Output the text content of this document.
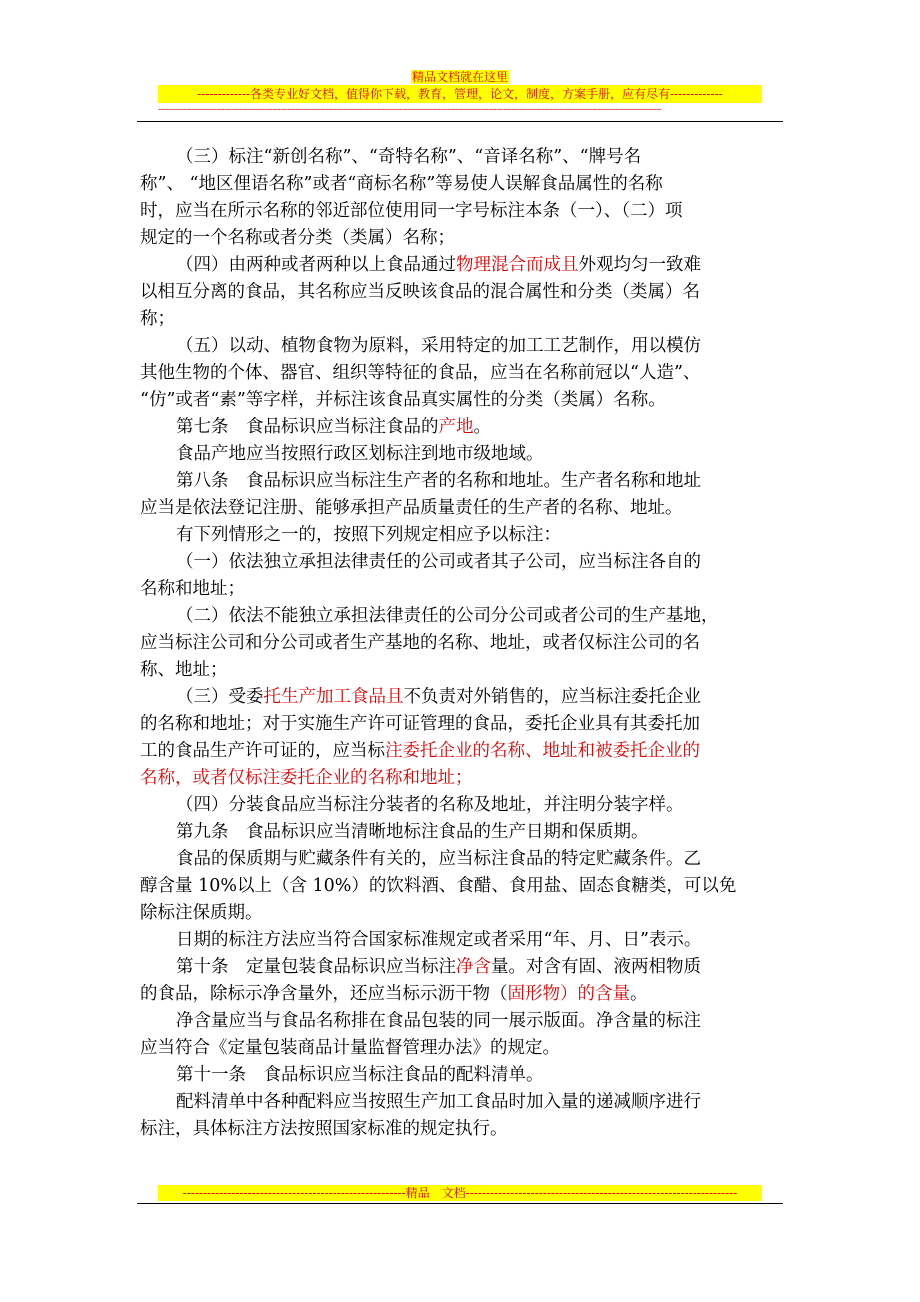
精品文档就在这里
-------------各类专业好文档，值得你下载，教育，管理，论文，制度，方案手册，应有尽有-------------
------------------------------------------------------------------------------------------------------------------------------------------------------------------------------------------------------

（三）标注“新创名称”、“奇特名称”、“音译名称”、“牌号名
称”、 “地区俚语名称”或者“商标名称”等易使人误解食品属性的名称
时，应当在所示名称的邻近部位使用同一字号标注本条（一）、（二）项
规定的一个名称或者分类（类属）名称；

（四）由两种或者两种以上食品通过物理混合而成且外观均匀一致难
以相互分离的食品，其名称应当反映该食品的混合属性和分类（类属）名
称；

（五）以动、植物食物为原料，采用特定的加工工艺制作，用以模仿
其他生物的个体、器官、组织等特征的食品，应当在名称前冠以“人造”、
“仿”或者“素”等字样，并标注该食品真实属性的分类（类属）名称。

第七条　食品标识应当标注食品的产地。

食品产地应当按照行政区划标注到地市级地域。

第八条　食品标识应当标注生产者的名称和地址。生产者名称和地址
应当是依法登记注册、能够承担产品质量责任的生产者的名称、地址。

有下列情形之一的，按照下列规定相应予以标注：

（一）依法独立承担法律责任的公司或者其子公司，应当标注各自的
名称和地址；

（二）依法不能独立承担法律责任的公司分公司或者公司的生产基地，
应当标注公司和分公司或者生产基地的名称、地址，或者仅标注公司的名
称、地址；

（三）受委托生产加工食品且不负责对外销售的，应当标注委托企业
的名称和地址；对于实施生产许可证管理的食品，委托企业具有其委托加
工的食品生产许可证的，应当标注委托企业的名称、地址和被委托企业的
名称，或者仅标注委托企业的名称和地址；

（四）分装食品应当标注分装者的名称及地址，并注明分装字样。

第九条　食品标识应当清晰地标注食品的生产日期和保质期。

食品的保质期与贮藏条件有关的，应当标注食品的特定贮藏条件。乙
醇含量 10%以上（含 10%）的饮料酒、食醋、食用盐、固态食糖类，可以免
除标注保质期。

日期的标注方法应当符合国家标准规定或者采用“年、月、日”表示。

第十条　定量包装食品标识应当标注净含量。对含有固、液两相物质
的食品，除标示净含量外，还应当标示沥干物（固形物）的含量。

净含量应当与食品名称排在食品包装的同一展示版面。净含量的标注
应当符合《定量包装商品计量监督管理办法》的规定。

第十一条　食品标识应当标注食品的配料清单。

配料清单中各种配料应当按照生产加工食品时加入量的递减顺序进行
标注，具体标注方法按照国家标准的规定执行。

-------------------------------------------------------精品　文档-------------------------------------------------------------------
